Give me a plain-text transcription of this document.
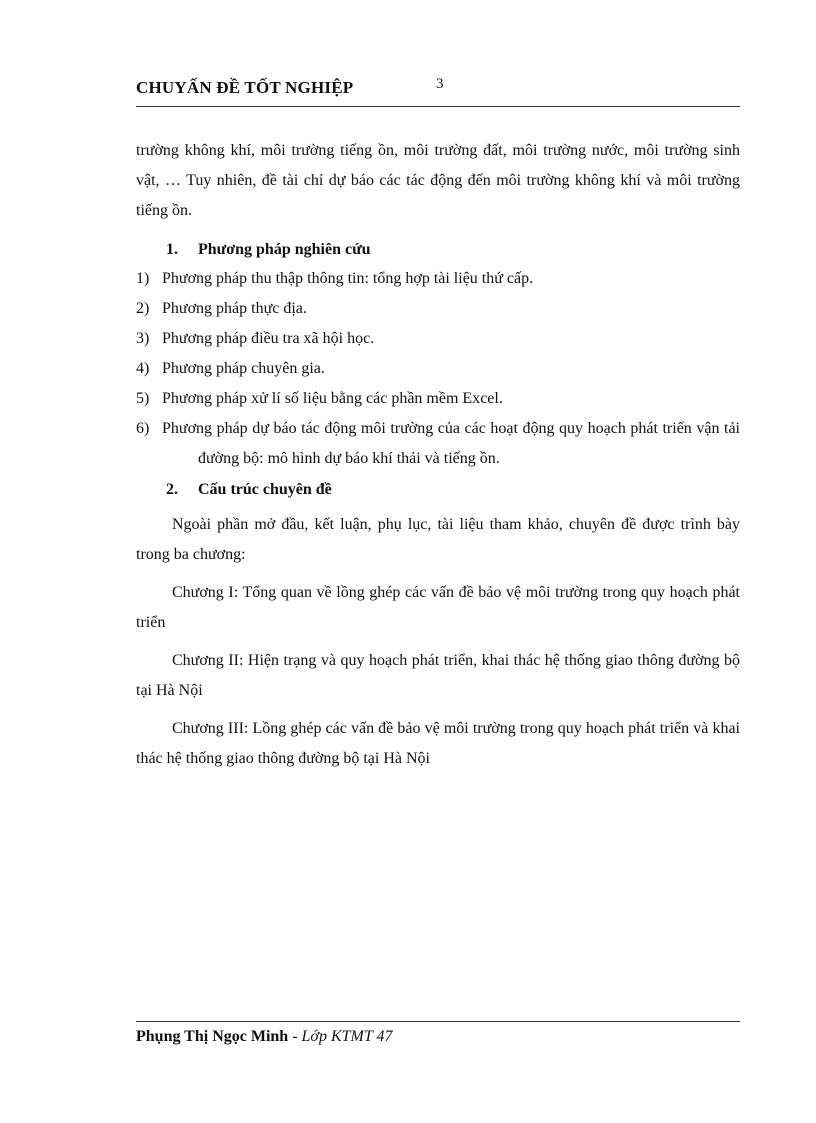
CHUYẤN ĐỀ TỐT NGHIỆP	3
trường không khí, môi trường tiếng ồn, môi trường đất, môi trường nước, môi trường sinh vật, … Tuy nhiên, đề tài chỉ dự báo các tác động đến môi trường không khí và môi trường tiếng ồn.
1. Phương pháp nghiên cứu
1) Phương pháp thu thập thông tin: tổng hợp tài liệu thứ cấp.
2) Phương pháp thực địa.
3) Phương pháp điều tra xã hội học.
4) Phương pháp chuyên gia.
5) Phương pháp xử lí số liệu bằng các phần mềm Excel.
6) Phương pháp dự báo tác động môi trường của các hoạt động quy hoạch phát triển vận tải đường bộ: mô hình dự báo khí thải và tiếng ồn.
2. Cấu trúc chuyên đề
Ngoài phần mở đầu, kết luận, phụ lục, tài liệu tham khảo, chuyên đề được trình bày trong ba chương:
Chương I: Tổng quan về lồng ghép các vấn đề bảo vệ môi trường trong quy hoạch phát triển
Chương II: Hiện trạng và quy hoạch phát triển, khai thác hệ thống giao thông đường bộ tại Hà Nội
Chương III: Lồng ghép các vấn đề bảo vệ môi trường trong quy hoạch phát triển và khai thác hệ thống giao thông đường bộ tại Hà Nội
Phụng Thị Ngọc Minh - Lớp KTMT 47
